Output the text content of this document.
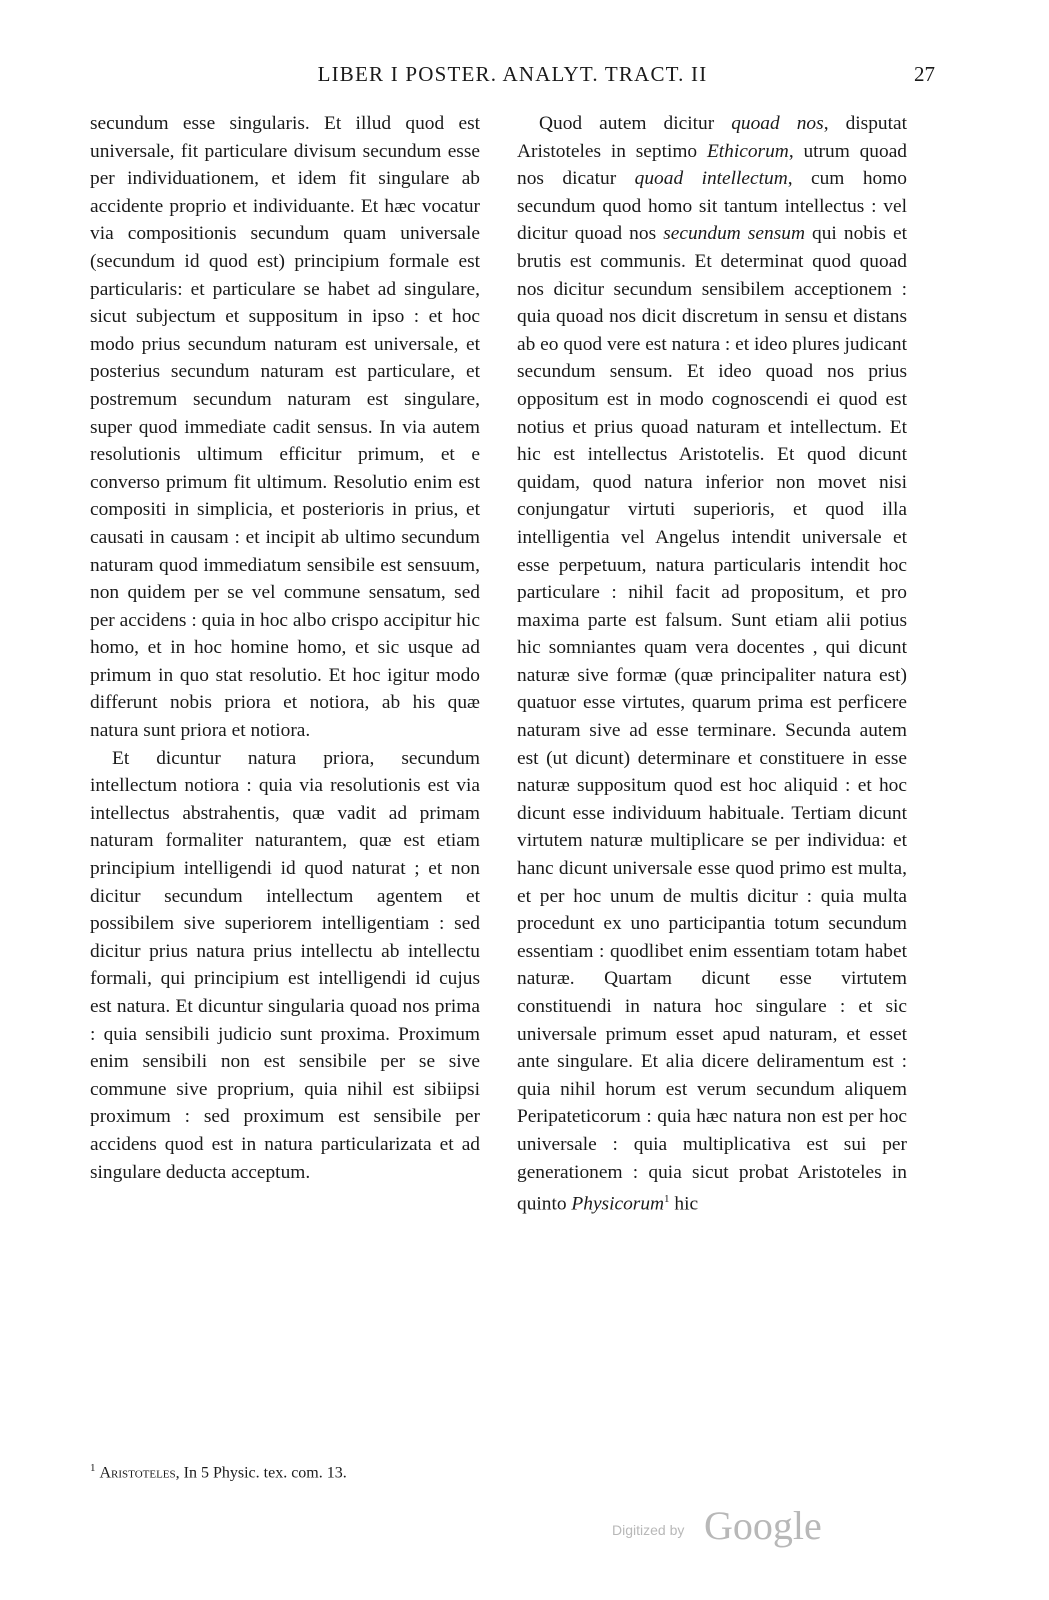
LIBER I POSTER. ANALYT. TRACT. II	27

secundum esse singularis. Et illud quod est universale, fit particulare divisum secundum esse per individuationem, et idem fit singulare ab accidente proprio et individuante. Et hæc vocatur via compositionis secundum quam universale (secundum id quod est) principium formale est particularis: et particulare se habet ad singulare, sicut subjectum et suppositum in ipso : et hoc modo prius secundum naturam est universale, et posterius secundum naturam est particulare, et postremum secundum naturam est singulare, super quod immediate cadit sensus. In via autem resolutionis ultimum efficitur primum, et e converso primum fit ultimum. Resolutio enim est compositi in simplicia, et posterioris in prius, et causati in causam : et incipit ab ultimo secundum naturam quod immediatum sensibile est sensuum, non quidem per se vel commune sensatum, sed per accidens : quia in hoc albo crispo accipitur hic homo, et in hoc homine homo, et sic usque ad primum in quo stat resolutio. Et hoc igitur modo differunt nobis priora et notiora, ab his quæ natura sunt priora et notiora.

Et dicuntur natura priora, secundum intellectum notiora : quia via resolutionis est via intellectus abstrahentis, quæ vadit ad primam naturam formaliter naturantem, quæ est etiam principium intelligendi id quod naturat ; et non dicitur secundum intellectum agentem et possibilem sive superiorem intelligentiam : sed dicitur prius natura prius intellectu ab intellectu formali, qui principium est intelligendi id cujus est natura. Et dicuntur singularia quoad nos prima : quia sensibili judicio sunt proxima. Proximum enim sensibili non est sensibile per se sive commune sive proprium, quia nihil est sibiipsi proximum : sed proximum est sensibile per accidens quod est in natura particularizata et ad singulare deducta acceptum.

Quod autem dicitur quoad nos, disputat Aristoteles in septimo Ethicorum, utrum quoad nos dicatur quoad intellectum, cum homo secundum quod homo sit tantum intellectus : vel dicitur quoad nos secundum sensum qui nobis et brutis est communis. Et determinat quod quoad nos dicitur secundum sensibilem acceptionem : quia quoad nos dicit discretum in sensu et distans ab eo quod vere est natura : et ideo plures judicant secundum sensum. Et ideo quoad nos prius oppositum est in modo cognoscendi ei quod est notius et prius quoad naturam et intellectum. Et hic est intellectus Aristotelis. Et quod dicunt quidam, quod natura inferior non movet nisi conjungatur virtuti superioris, et quod illa intelligentia vel Angelus intendit universale et esse perpetuum, natura particularis intendit hoc particulare : nihil facit ad propositum, et pro maxima parte est falsum. Sunt etiam alii potius hic somniantes quam vera docentes , qui dicunt naturæ sive formæ (quæ principaliter natura est) quatuor esse virtutes, quarum prima est perficere naturam sive ad esse terminare. Secunda autem est (ut dicunt) determinare et constituere in esse naturæ suppositum quod est hoc aliquid : et hoc dicunt esse individuum habituale. Tertiam dicunt virtutem naturæ multiplicare se per individua: et hanc dicunt universale esse quod primo est multa, et per hoc unum de multis dicitur : quia multa procedunt ex uno participantia totum secundum essentiam : quodlibet enim essentiam totam habet naturæ. Quartam dicunt esse virtutem constituendi in natura hoc singulare : et sic universale primum esset apud naturam, et esset ante singulare. Et alia dicere deliramentum est : quia nihil horum est verum secundum aliquem Peripateticorum : quia hæc natura non est per hoc universale : quia multiplicativa est sui per generationem : quia sicut probat Aristoteles in quinto Physicorum$^1$ hic

$^1$ Aristoteles, In 5 Physic. tex. com. 13.
Digitized by Google
